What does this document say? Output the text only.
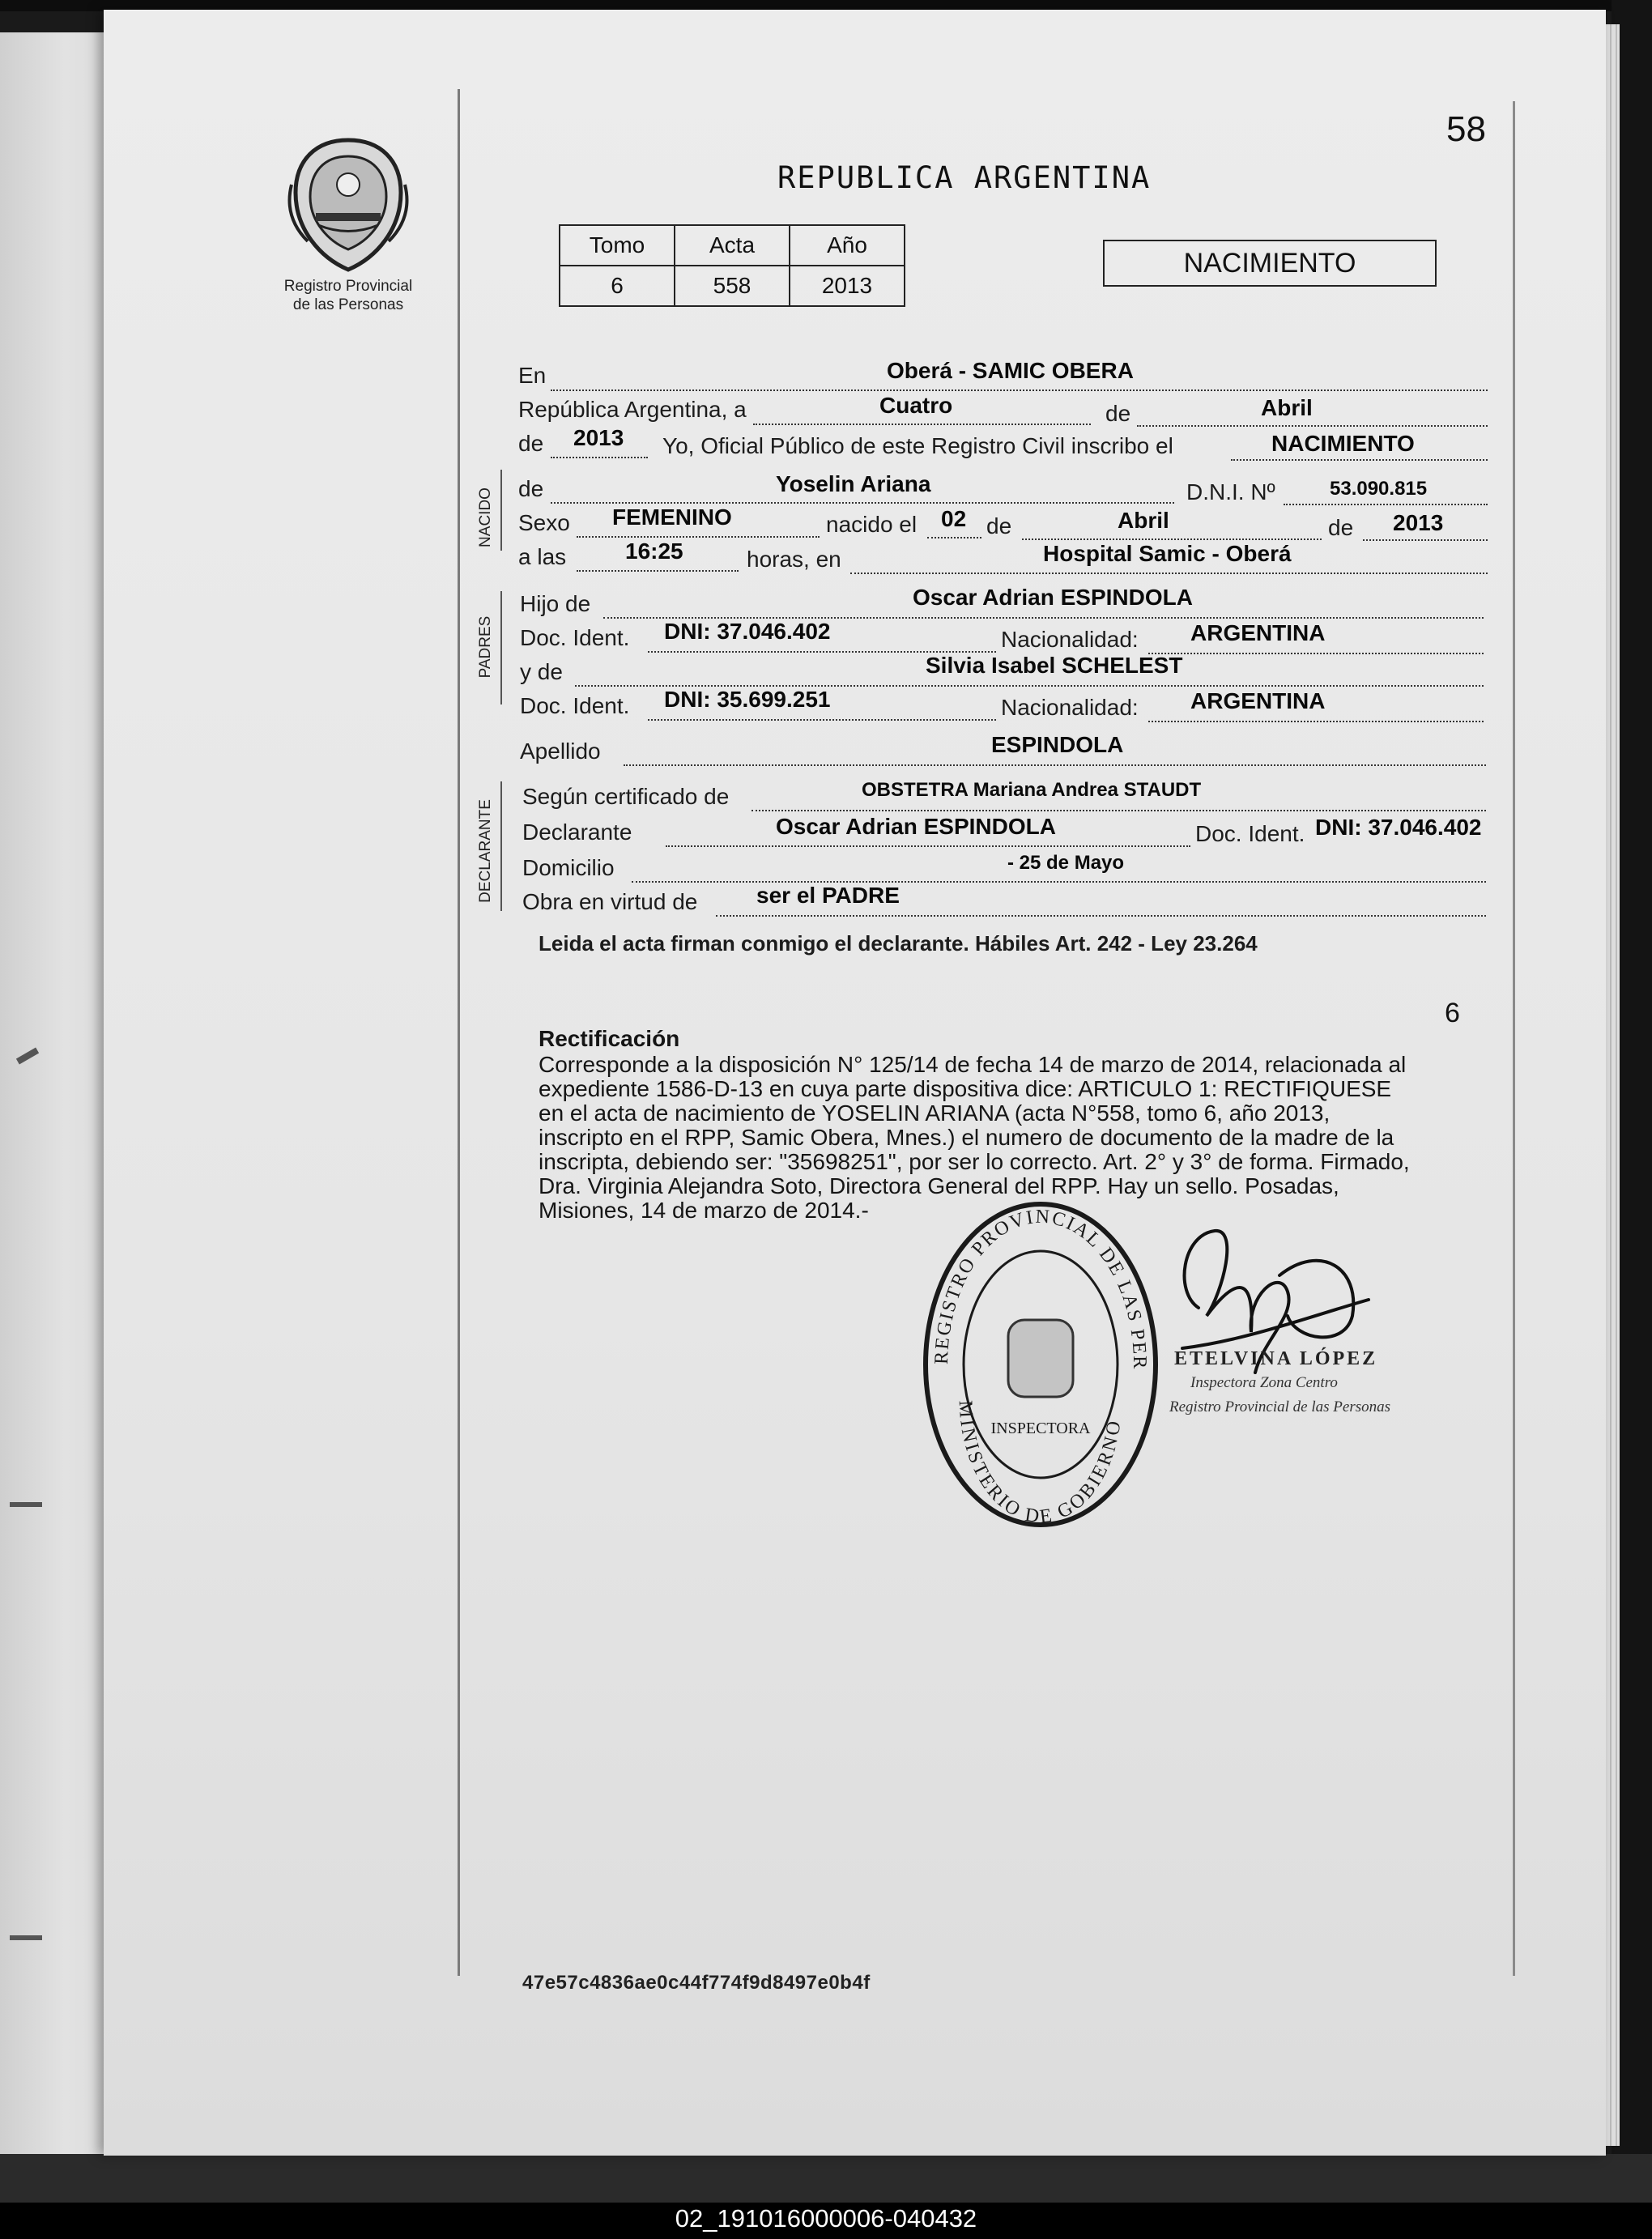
Registro Provincial
de las Personas
58
REPUBLICA ARGENTINA
Tomo	Acta	Año
6	558	2013
NACIMIENTO
NACIDO
PADRES
DECLARANTE
En	Oberá - SAMIC OBERA
República Argentina, a	Cuatro	de	Abril
de 2013 Yo, Oficial Público de este Registro Civil inscribo el	NACIMIENTO
de	Yoselin Ariana	D.N.I. Nº	53.090.815
Sexo FEMENINO	nacido el 02 de	Abril	de 2013
a las	16:25	horas, en	Hospital Samic - Oberá
Hijo de	Oscar Adrian ESPINDOLA
Doc. Ident. DNI: 37.046.402	Nacionalidad: ARGENTINA
y de	Silvia Isabel SCHELEST
Doc. Ident. DNI: 35.699.251	Nacionalidad: ARGENTINA
Apellido	ESPINDOLA
Según certificado de	OBSTETRA Mariana Andrea STAUDT
Declarante	Oscar Adrian ESPINDOLA	Doc. Ident. DNI: 37.046.402
Domicilio	- 25 de Mayo
Obra en virtud de	ser el PADRE
Leida el acta firman conmigo el declarante. Hábiles Art. 242 - Ley 23.264
6
Rectificación
Corresponde a la disposición N° 125/14 de fecha 14 de marzo de 2014, relacionada al
expediente 1586-D-13 en cuya parte dispositiva dice: ARTICULO 1: RECTIFIQUESE
en el acta de nacimiento de YOSELIN ARIANA (acta N°558, tomo 6, año 2013,
inscripto en el RPP, Samic Obera, Mnes.) el numero de documento de la madre de la
inscripta, debiendo ser: "35698251", por ser lo correcto. Art. 2° y 3° de forma. Firmado,
Dra. Virginia Alejandra Soto, Directora General del RPP. Hay un sello. Posadas,
Misiones, 14 de marzo de 2014.-
REGISTRO PROVINCIAL DE LAS PER
MINISTERIO DE GOBIERNO
INSPECTORA
ETELVINA LÓPEZ
Inspectora Zona Centro
Registro Provincial de las Personas
47e57c4836ae0c44f774f9d8497e0b4f
02_191016000006-040432
